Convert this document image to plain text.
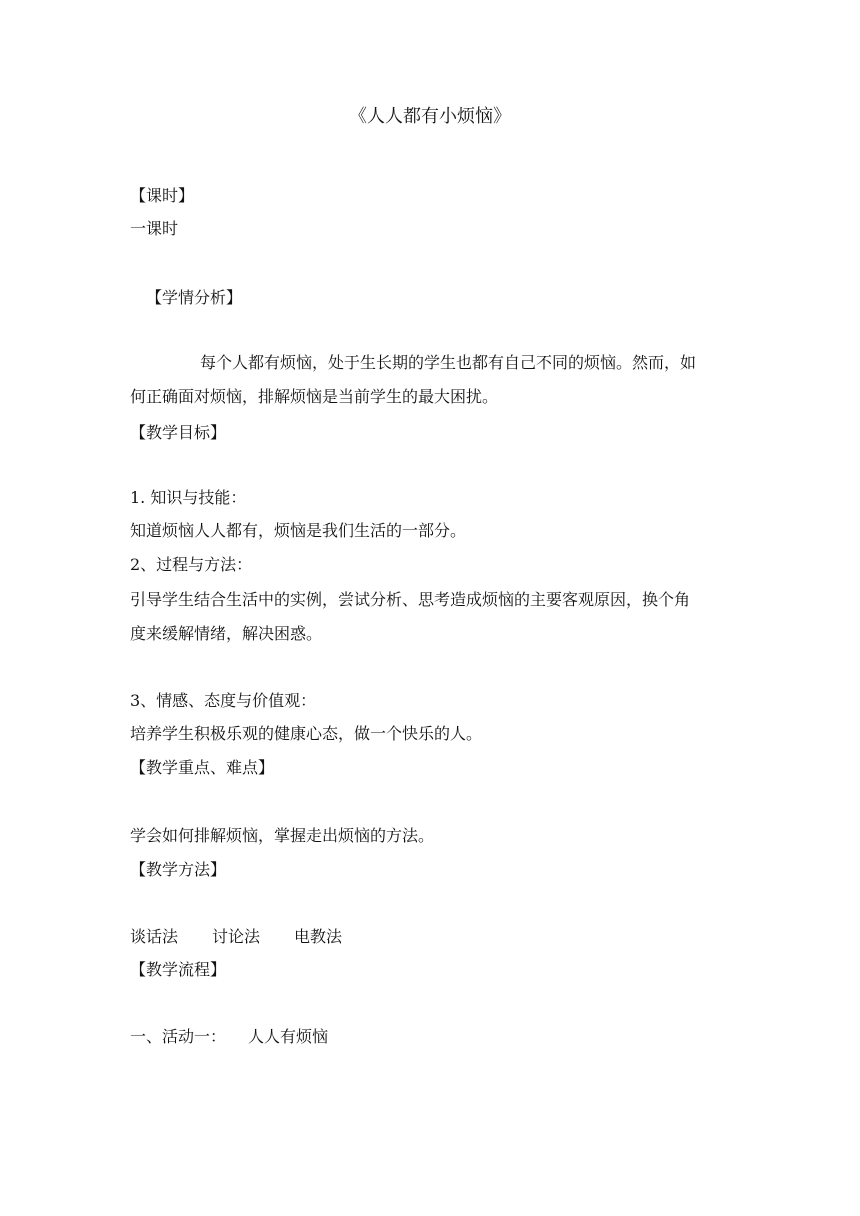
《人人都有小烦恼》
【课时】
一课时
【学情分析】
每个人都有烦恼，处于生长期的学生也都有自己不同的烦恼。然而，如
何正确面对烦恼，排解烦恼是当前学生的最大困扰。
【教学目标】
1. 知识与技能：
知道烦恼人人都有，烦恼是我们生活的一部分。
2、过程与方法：
引导学生结合生活中的实例，尝试分析、思考造成烦恼的主要客观原因，换个角
度来缓解情绪，解决困惑。
3、情感、态度与价值观：
培养学生积极乐观的健康心态，做一个快乐的人。
【教学重点、难点】
学会如何排解烦恼，掌握走出烦恼的方法。
【教学方法】
谈话法 讨论法 电教法
【教学流程】
一、活动一： 人人有烦恼
